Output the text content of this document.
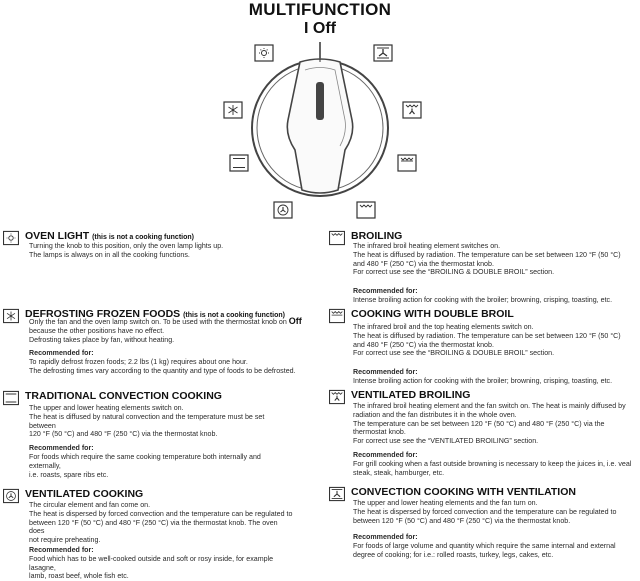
MULTIFUNCTION
I Off
OVEN LIGHT (this is not a cooking function)

Turning the knob to this position, only the oven lamp lights up.

The lamps is always on in all the cooking functions.

DEFROSTING FROZEN FOODS (this is not a cooking function)

Only the fan and the oven lamp switch on. To be used with the thermostat knob on Off

because the other positions have no effect.

Defrosting takes place by fan, without heating.

Recommended for:

To rapidly defrost frozen foods; 2.2 lbs (1 kg) requires about one hour.

The defrosting times vary according to the quantity and type of foods to be defrosted.

TRADITIONAL CONVECTION COOKING

The upper and lower heating elements switch on.

The heat is diffused by natural convection and the temperature must be set between

120 °F (50 °C) and 480 °F (250 °C) via the thermostat knob.

Recommended for:

For foods which require the same cooking temperature both internally and externally,

i.e. roasts, spare ribs etc.

VENTILATED COOKING

The circular element and fan come on.

The heat is dispersed by forced convection and the temperature can be regulated to

between 120 °F (50 °C) and 480 °F (250 °C) via the thermostat knob. The oven does

not require preheating.

Recommended for:

Food which has to be well-cooked outside and soft or rosy inside, for example lasagne,

lamb, roast beef, whole fish etc.

BROILING

The infrared broil heating element switches on.

The heat is diffused by radiation. The temperature can be set between 120 °F (50 °C)

and 480 °F (250 °C) via the thermostat knob.

For correct use see the “BROILING & DOUBLE BROIL” section.

Recommended for:

Intense broiling action for cooking with the broiler; browning, crisping, toasting, etc.

COOKING WITH DOUBLE BROIL

The infrared broil and the top heating elements switch on.

The heat is diffused by radiation. The temperature can be set between 120 °F (50 °C)

and 480 °F (250 °C) via the thermostat knob.

For correct use see the “BROILING & DOUBLE BROIL” section.

Recommended for:

Intense broiling action for cooking with the broiler; browning, crisping, toasting, etc.

VENTILATED BROILING

The infrared broil heating element and the fan switch on. The heat is mainly diffused by

radiation and the fan distributes it in the whole oven.

The temperature can be set between 120 °F (50 °C) and 480 °F (250 °C) via the

thermostat knob.

For correct use see the “VENTILATED BROILING” section.

Recommended for:

For grill cooking when a fast outside browning is necessary to keep the juices in, i.e. veal

steak, steak, hamburger, etc.

CONVECTION COOKING WITH VENTILATION

The upper and lower heating elements and the fan turn on.

The heat is dispersed by forced convection and the temperature can be regulated to

between 120 °F (50 °C) and 480 °F (250 °C) via the thermostat knob.

Recommended for:

For foods of large volume and quantity which require the same internal and external

degree of cooking; for i.e.: rolled roasts, turkey, legs, cakes, etc.
